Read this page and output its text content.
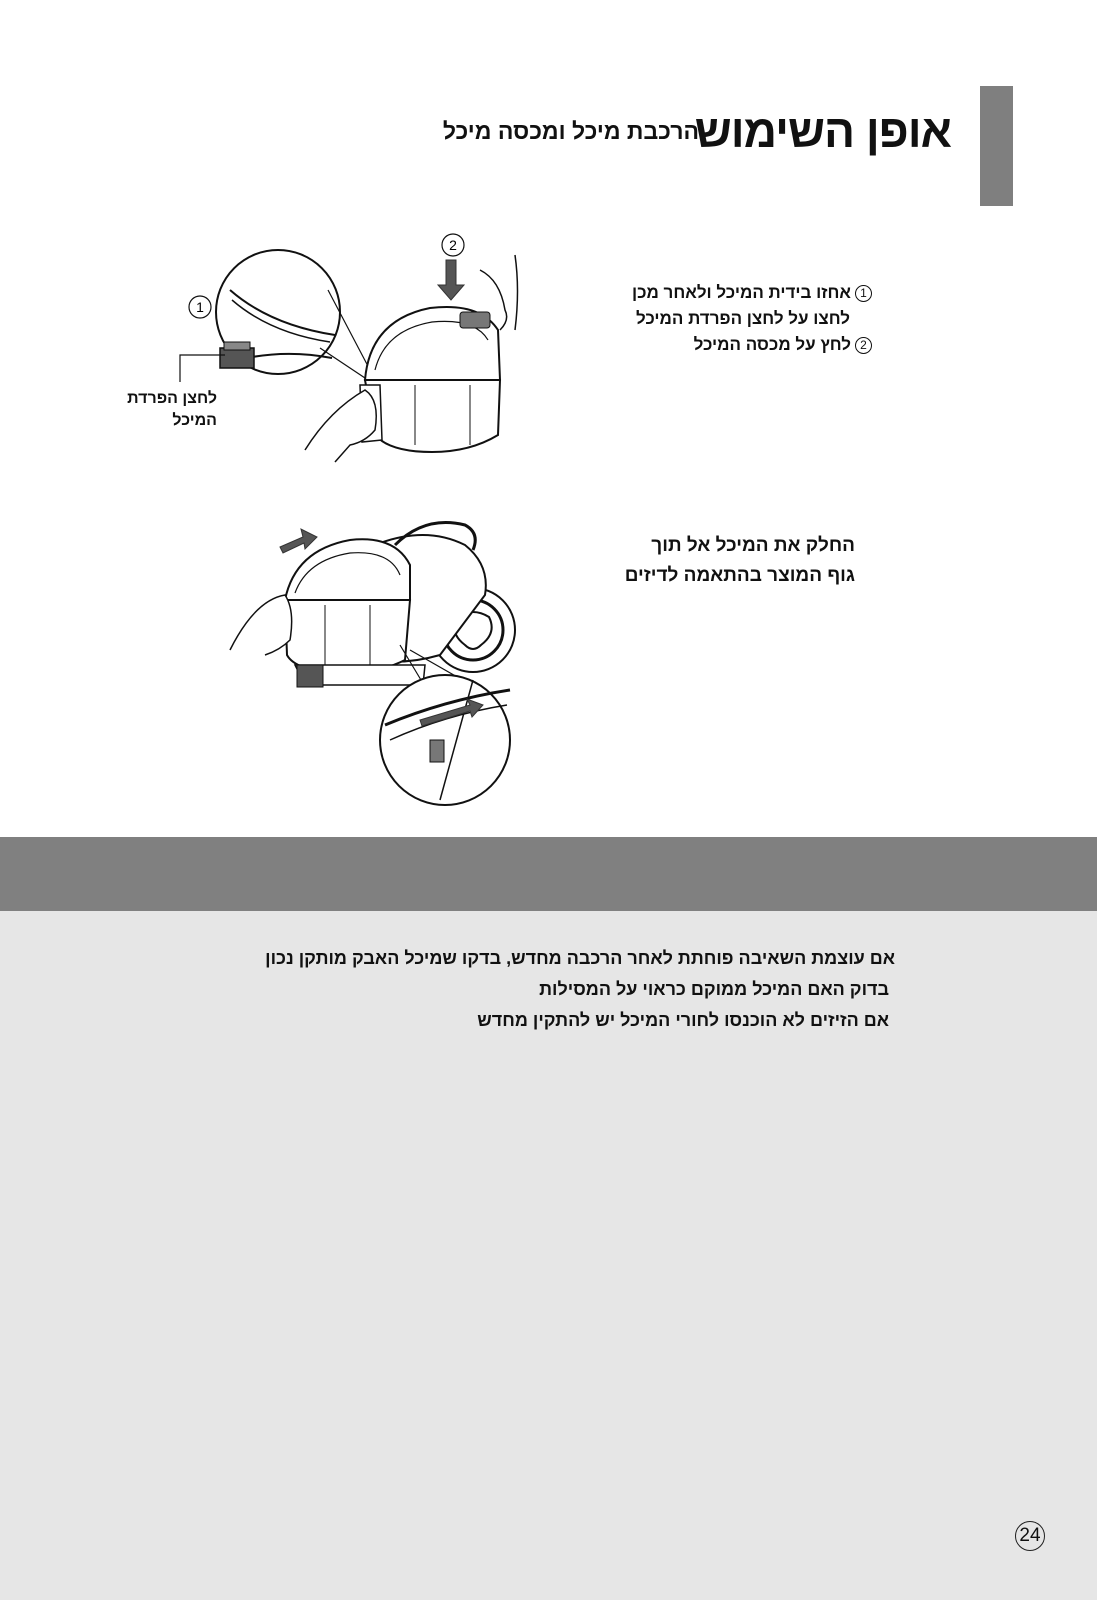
אופן השימוש
הרכבת מיכל ומכסה מיכל
1
2
לחצן הפרדת
המיכל
1אחזו בידית המיכל ולאחר מכן
לחצו על לחצן הפרדת המיכל
2לחץ על מכסה המיכל
החלק את המיכל אל תוך
גוף המוצר בהתאמה לדיזים
אם עוצמת השאיבה פוחתת לאחר הרכבה מחדש, בדקו שמיכל האבק מותקן נכון
בדוק האם המיכל ממוקם כראוי על המסילות
אם הזיזים לא הוכנסו לחורי המיכל יש להתקין מחדש
24
